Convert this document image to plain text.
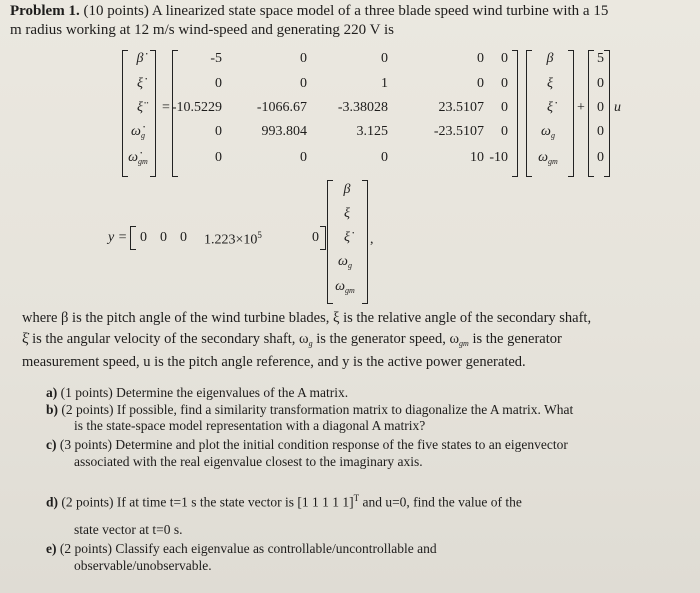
Problem 1. (10 points) A linearized state space model of a three blade speed wind turbine with a 15
m radius working at 12 m/s wind-speed and generating 220 V is
β̇
ξ̇
ξ̈
$\omegȧ_g$
$\omegȧ_{gm}$
=
-5	0	0	0	0
0	0	1	0	0
-10.5229	-1066.67	-3.38028	23.5107	0
0	993.804	3.125	-23.5107	0
0	0	0	10 -10
β
ξ
ξ̇
$\omega_g$
$\omega_{gm}$
+
5
0
0
0
0
u
y = 0 0 0 $1.223\times 10^5$	0
β
ξ
ξ̇
$\omega_g$
$\omega_{gm}$
,
where β is the pitch angle of the wind turbine blades, ξ is the relative angle of the secondary shaft,
ξ̇ is the angular velocity of the secondary shaft, $\omega_g$ is the generator speed, $\omega_{gm}$ is the generator
measurement speed, u is the pitch angle reference, and y is the active power generated.
a) (1 points) Determine the eigenvalues of the A matrix.
b) (2 points) If possible, find a similarity transformation matrix to diagonalize the A matrix. What
is the state-space model representation with a diagonal A matrix?
c) (3 points) Determine and plot the initial condition response of the five states to an eigenvector
associated with the real eigenvalue closest to the imaginary axis.
d) (2 points) If at time t=1 s the state vector is [1 1 1 1 1]$^T$ and u=0, find the value of the
state vector at t=0 s.
e) (2 points) Classify each eigenvalue as controllable/uncontrollable and
observable/unobservable.
